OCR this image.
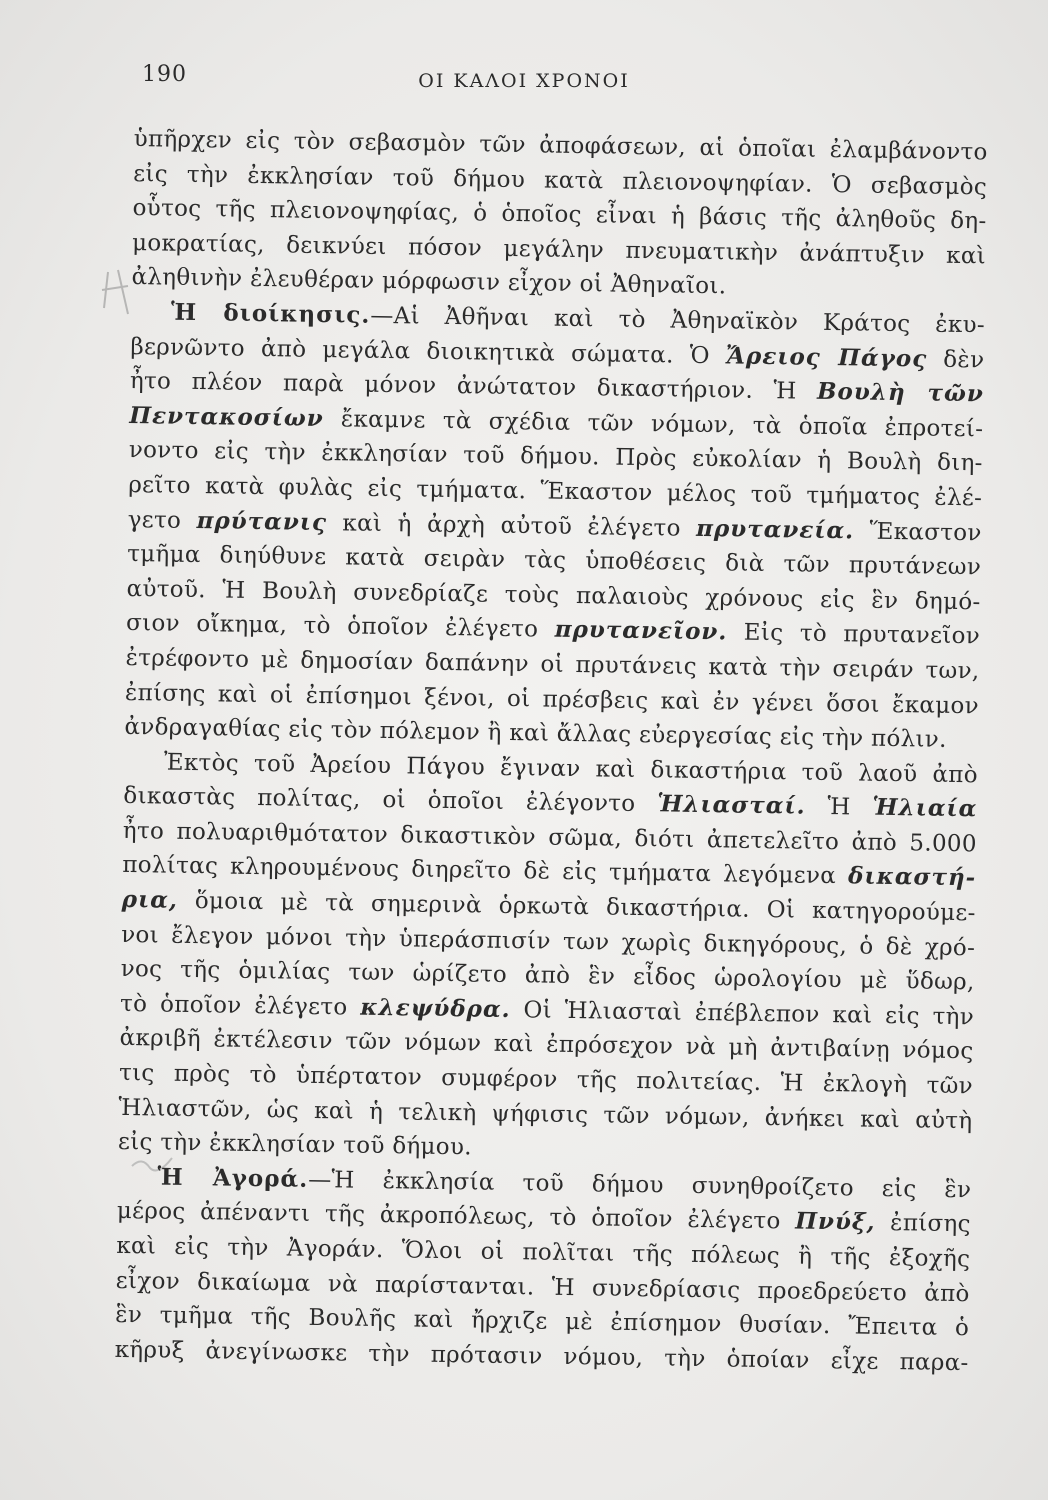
190	ΟΙ ΚΑΛΟΙ ΧΡΟΝΟΙ
ὑπῆρχεν εἰς τὸν σεβασμὸν τῶν ἀποφάσεων, αἱ ὁποῖαι ἐλαμβάνοντο
εἰς τὴν ἐκκλησίαν τοῦ δήμου κατὰ πλειονοψηφίαν. Ὁ σεβασμὸς
οὗτος τῆς πλειονοψηφίας, ὁ ὁποῖος εἶναι ἡ βάσις τῆς ἀληθοῦς δη-
μοκρατίας, δεικνύει πόσον μεγάλην πνευματικὴν ἀνάπτυξιν καὶ
ἀληθινὴν ἐλευθέραν μόρφωσιν εἶχον οἱ Ἀθηναῖοι.
Ἡ διοίκησις.—Αἱ Ἀθῆναι καὶ τὸ Ἀθηναϊκὸν Κράτος ἐκυ-
βερνῶντο ἀπὸ μεγάλα διοικητικὰ σώματα. Ὁ Ἄρειος Πάγος δὲν
ἦτο πλέον παρὰ μόνον ἀνώτατον δικαστήριον. Ἡ Βουλὴ τῶν
Πεντακοσίων ἔκαμνε τὰ σχέδια τῶν νόμων, τὰ ὁποῖα ἐπροτεί-
νοντο εἰς τὴν ἐκκλησίαν τοῦ δήμου. Πρὸς εὐκολίαν ἡ Βουλὴ διη-
ρεῖτο κατὰ φυλὰς εἰς τμήματα. Ἕκαστον μέλος τοῦ τμήματος ἐλέ-
γετο πρύτανις καὶ ἡ ἀρχὴ αὐτοῦ ἐλέγετο πρυτανεία. Ἕκαστον
τμῆμα διηύθυνε κατὰ σειρὰν τὰς ὑποθέσεις διὰ τῶν πρυτάνεων
αὐτοῦ. Ἡ Βουλὴ συνεδρίαζε τοὺς παλαιοὺς χρόνους εἰς ἓν δημό-
σιον οἴκημα, τὸ ὁποῖον ἐλέγετο πρυτανεῖον. Εἰς τὸ πρυτανεῖον
ἐτρέφοντο μὲ δημοσίαν δαπάνην οἱ πρυτάνεις κατὰ τὴν σειράν των,
ἐπίσης καὶ οἱ ἐπίσημοι ξένοι, οἱ πρέσβεις καὶ ἐν γένει ὅσοι ἔκαμον
ἀνδραγαθίας εἰς τὸν πόλεμον ἢ καὶ ἄλλας εὐεργεσίας εἰς τὴν πόλιν.
Ἐκτὸς τοῦ Ἀρείου Πάγου ἔγιναν καὶ δικαστήρια τοῦ λαοῦ ἀπὸ
δικαστὰς πολίτας, οἱ ὁποῖοι ἐλέγοντο Ἡλιασταί. Ἡ Ἡλιαία
ἦτο πολυαριθμότατον δικαστικὸν σῶμα, διότι ἀπετελεῖτο ἀπὸ 5.000
πολίτας κληρουμένους διηρεῖτο δὲ εἰς τμήματα λεγόμενα δικαστή-
ρια, ὅμοια μὲ τὰ σημερινὰ ὁρκωτὰ δικαστήρια. Οἱ κατηγορούμε-
νοι ἔλεγον μόνοι τὴν ὑπεράσπισίν των χωρὶς δικηγόρους, ὁ δὲ χρό-
νος τῆς ὁμιλίας των ὡρίζετο ἀπὸ ἓν εἶδος ὡρολογίου μὲ ὕδωρ,
τὸ ὁποῖον ἐλέγετο κλεψύδρα. Οἱ Ἡλιασταὶ ἐπέβλεπον καὶ εἰς τὴν
ἀκριβῆ ἐκτέλεσιν τῶν νόμων καὶ ἐπρόσεχον νὰ μὴ ἀντιβαίνῃ νόμος
τις πρὸς τὸ ὑπέρτατον συμφέρον τῆς πολιτείας. Ἡ ἐκλογὴ τῶν
Ἡλιαστῶν, ὡς καὶ ἡ τελικὴ ψήφισις τῶν νόμων, ἀνήκει καὶ αὐτὴ
εἰς τὴν ἐκκλησίαν τοῦ δήμου.
Ἡ Ἀγορά.—Ἡ ἐκκλησία τοῦ δήμου συνηθροίζετο εἰς ἓν
μέρος ἀπέναντι τῆς ἀκροπόλεως, τὸ ὁποῖον ἐλέγετο Πνύξ, ἐπίσης
καὶ εἰς τὴν Ἀγοράν. Ὅλοι οἱ πολῖται τῆς πόλεως ἢ τῆς ἐξοχῆς
εἶχον δικαίωμα νὰ παρίστανται. Ἡ συνεδρίασις προεδρεύετο ἀπὸ
ἓν τμῆμα τῆς Βουλῆς καὶ ἤρχιζε μὲ ἐπίσημον θυσίαν. Ἔπειτα ὁ
κῆρυξ ἀνεγίνωσκε τὴν πρότασιν νόμου, τὴν ὁποίαν εἶχε παρα-
